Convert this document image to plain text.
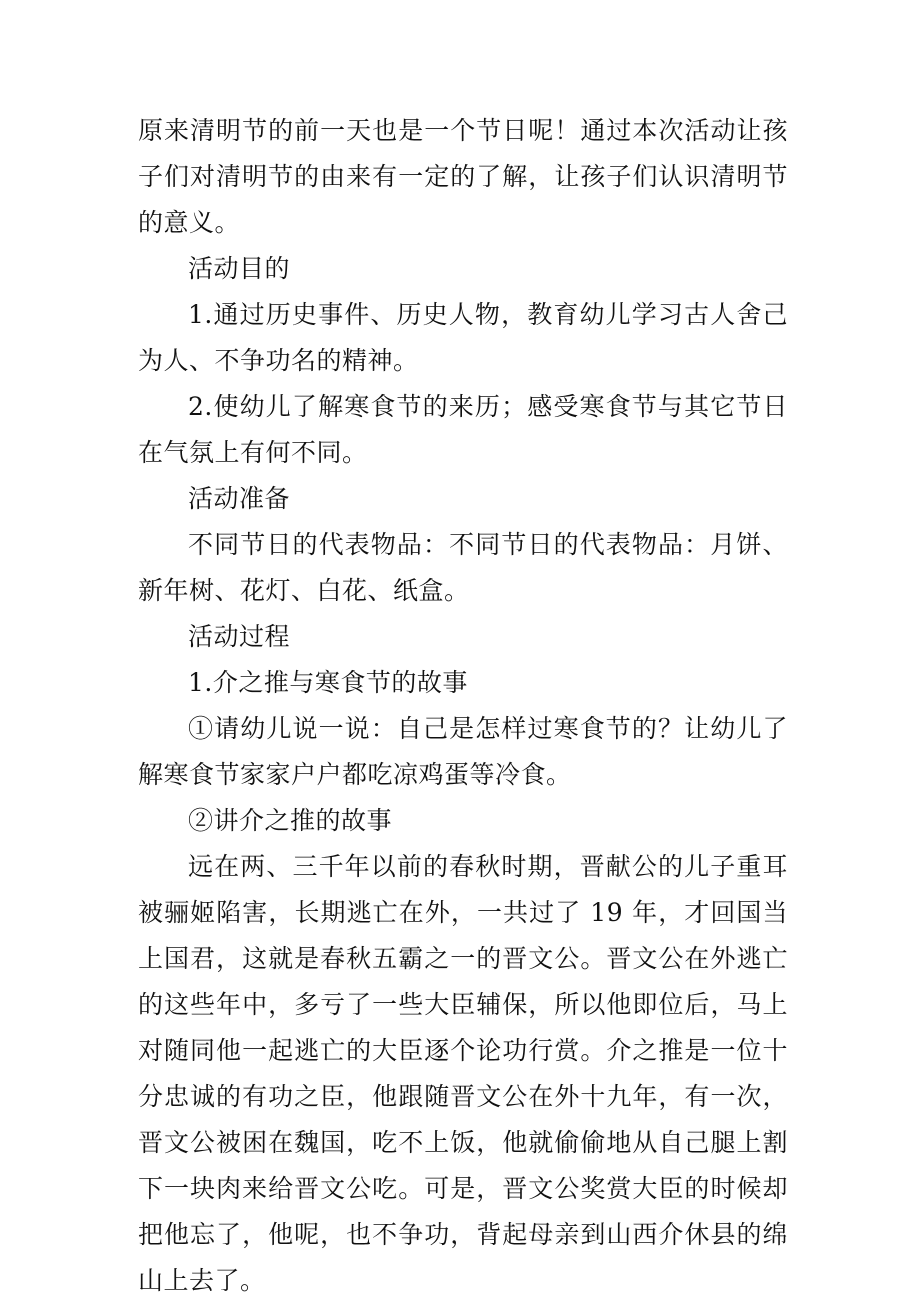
原来清明节的前一天也是一个节日呢！通过本次活动让孩子们对清明节的由来有一定的了解，让孩子们认识清明节的意义。

活动目的

1.通过历史事件、历史人物，教育幼儿学习古人舍己为人、不争功名的精神。

2.使幼儿了解寒食节的来历；感受寒食节与其它节日在气氛上有何不同。

活动准备

不同节日的代表物品：不同节日的代表物品：月饼、新年树、花灯、白花、纸盒。

活动过程

1.介之推与寒食节的故事

①请幼儿说一说：自己是怎样过寒食节的？让幼儿了解寒食节家家户户都吃凉鸡蛋等冷食。

②讲介之推的故事

远在两、三千年以前的春秋时期，晋献公的儿子重耳被骊姬陷害，长期逃亡在外，一共过了 19 年，才回国当上国君，这就是春秋五霸之一的晋文公。晋文公在外逃亡的这些年中，多亏了一些大臣辅保，所以他即位后，马上对随同他一起逃亡的大臣逐个论功行赏。介之推是一位十分忠诚的有功之臣，他跟随晋文公在外十九年，有一次，晋文公被困在魏国，吃不上饭，他就偷偷地从自己腿上割下一块肉来给晋文公吃。可是，晋文公奖赏大臣的时候却把他忘了，他呢，也不争功，背起母亲到山西介休县的绵山上去了。
